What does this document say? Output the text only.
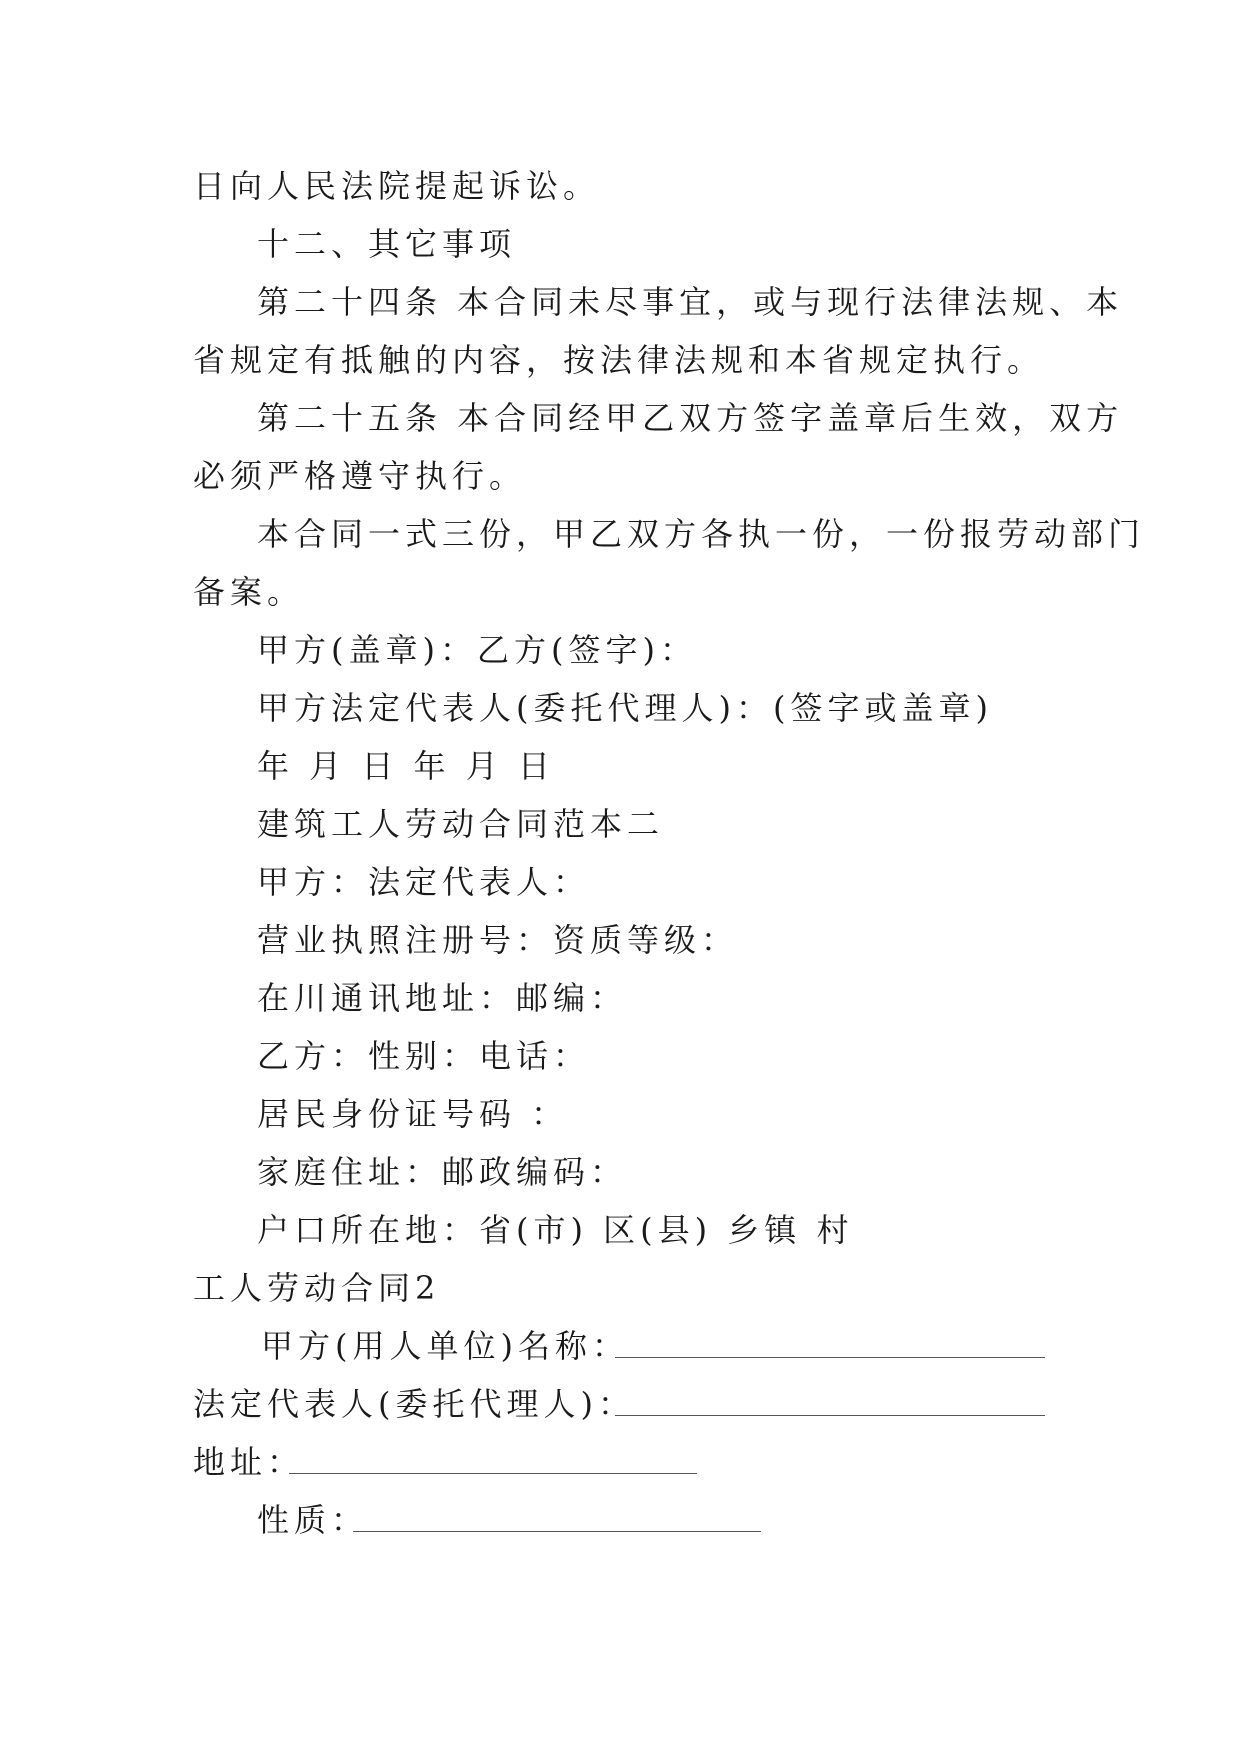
日向人民法院提起诉讼。
十二、其它事项
第二十四条 本合同未尽事宜，或与现行法律法规、本
省规定有抵触的内容，按法律法规和本省规定执行。
第二十五条 本合同经甲乙双方签字盖章后生效，双方
必须严格遵守执行。
本合同一式三份，甲乙双方各执一份，一份报劳动部门
备案。
甲方(盖章)：乙方(签字)：
甲方法定代表人(委托代理人)：(签字或盖章)
年 月 日 年 月 日
建筑工人劳动合同范本二
甲方：法定代表人：
营业执照注册号：资质等级：
在川通讯地址：邮编：
乙方：性别：电话：
居民身份证号码 ：
家庭住址：邮政编码：
户口所在地：省(市) 区(县) 乡镇 村
工人劳动合同2
甲方(用人单位)名称：
法定代表人(委托代理人)：
地址：
性质：
